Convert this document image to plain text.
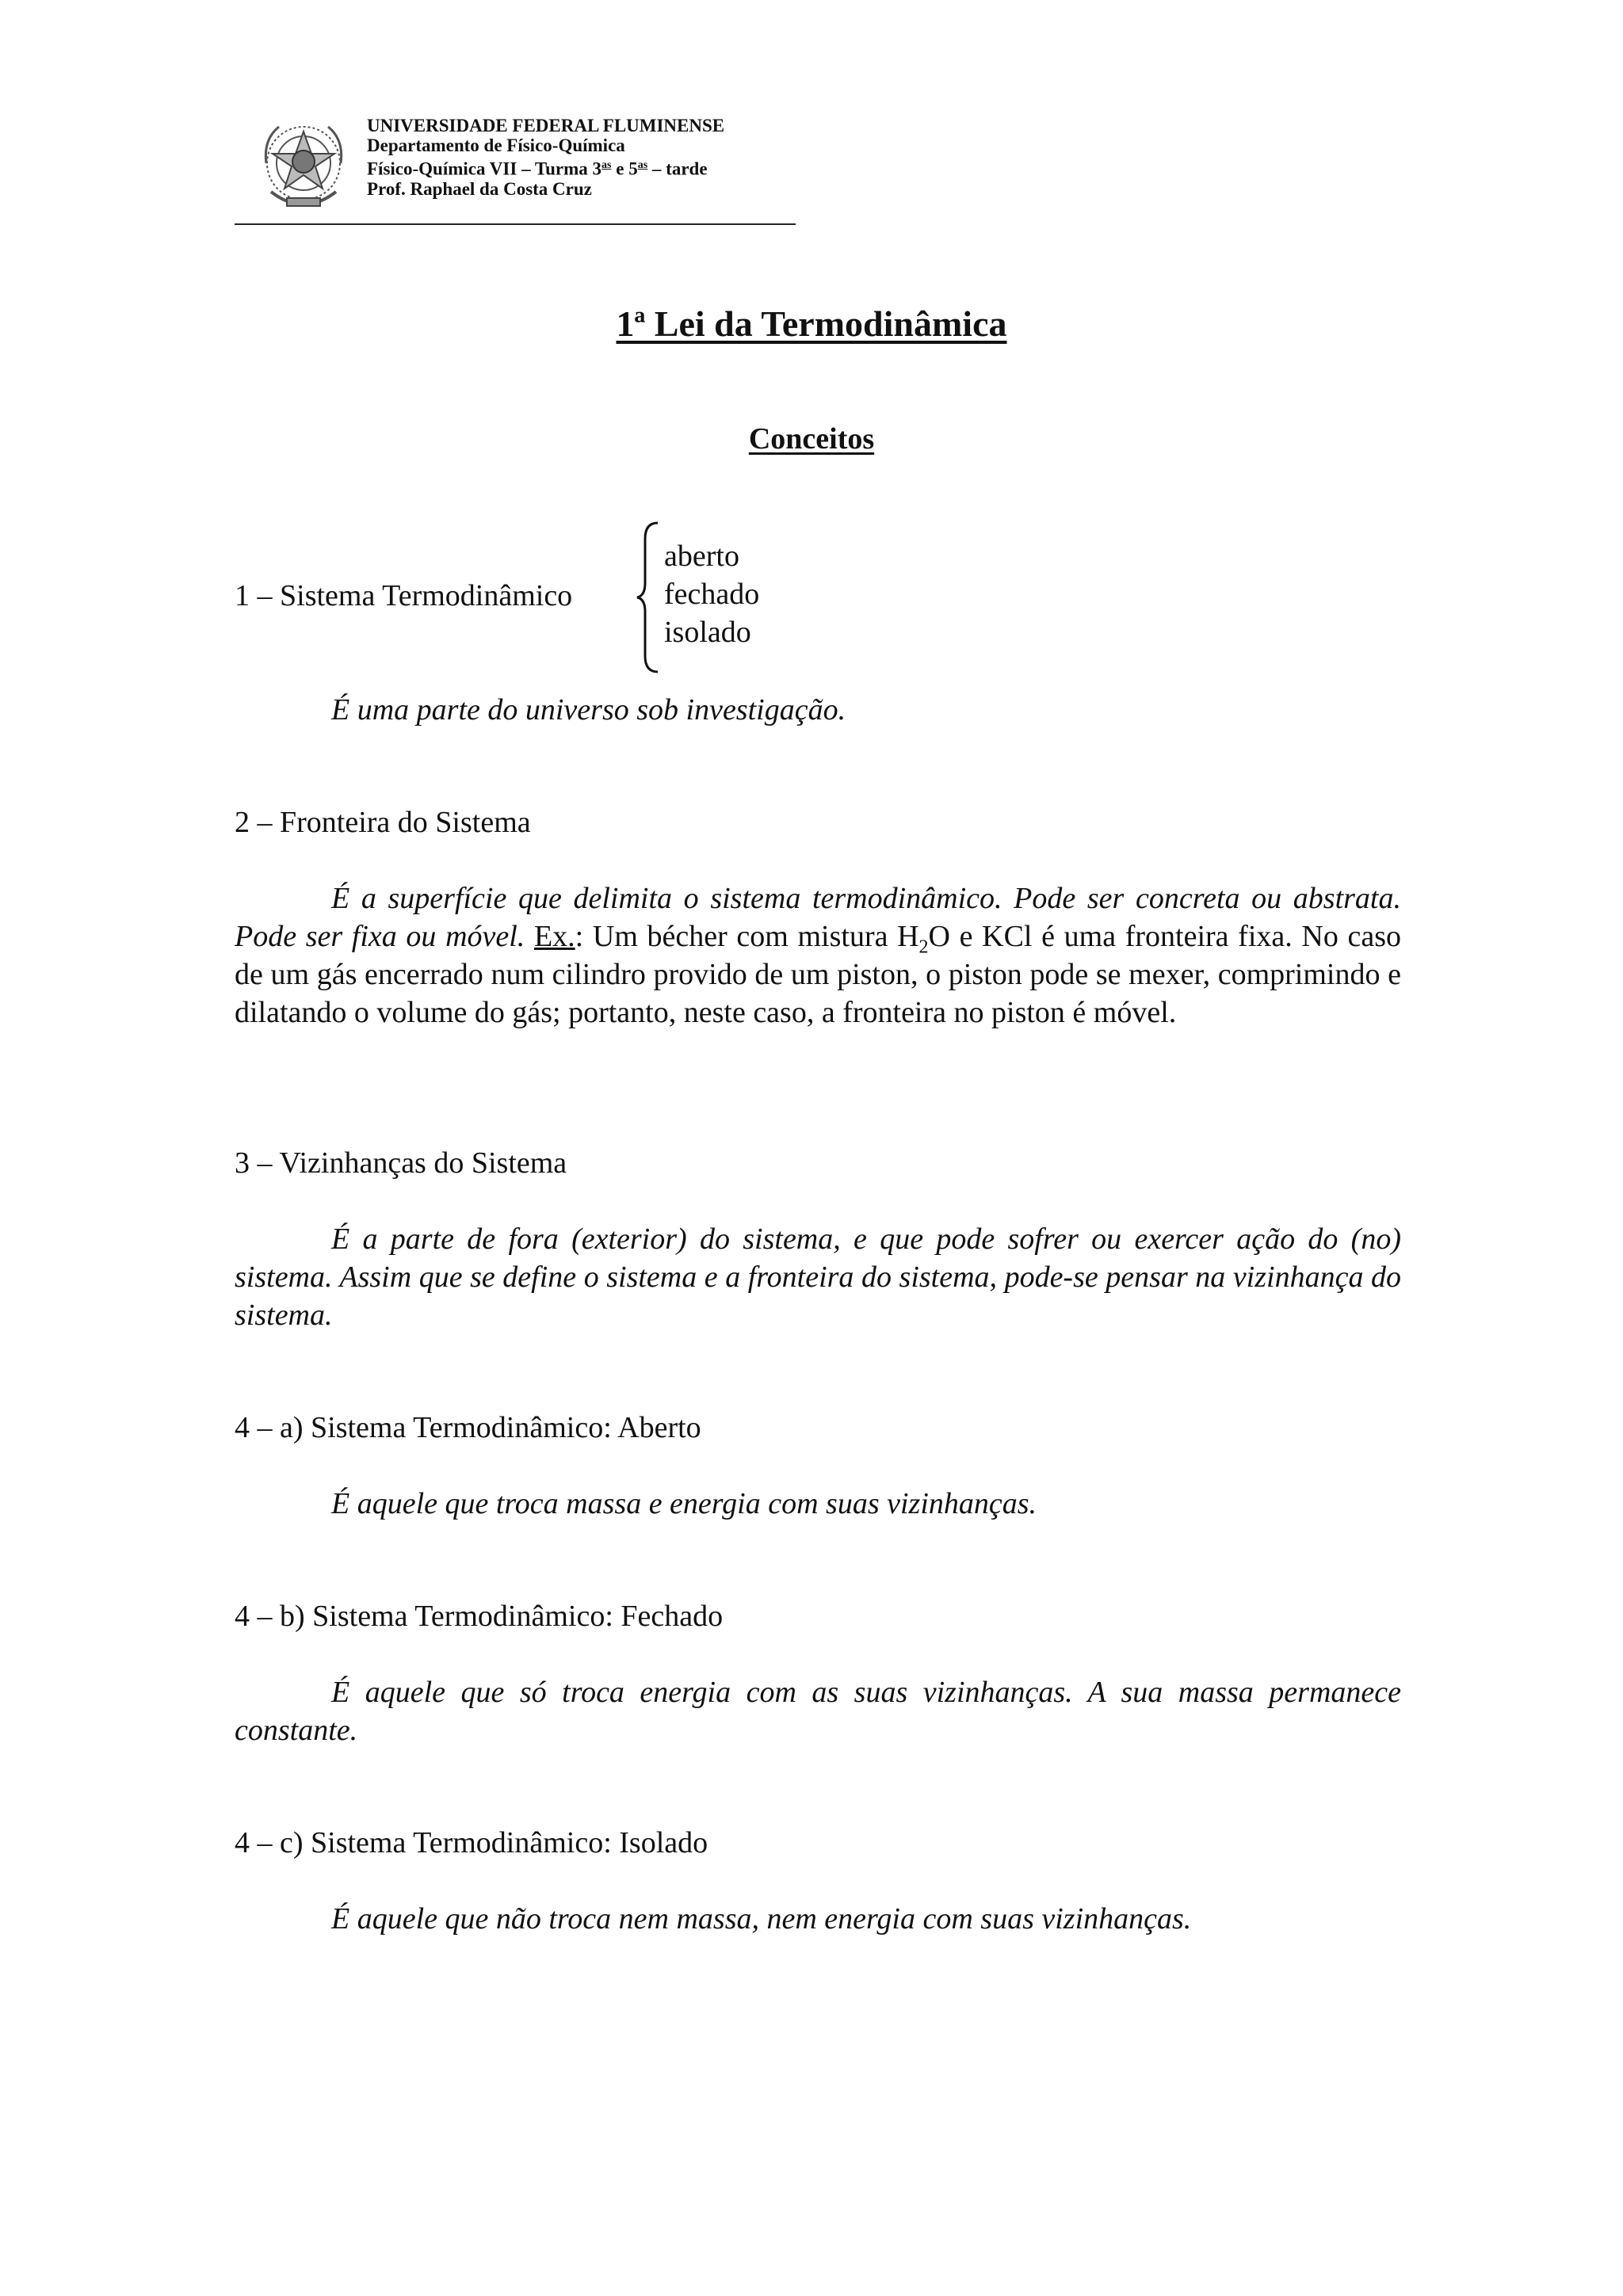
UNIVERSIDADE FEDERAL FLUMINENSE
Departamento de Físico-Química
Físico-Química VII – Turma $3^{as}$ e $5^{as}$ – tarde
Prof. Raphael da Costa Cruz
1ª Lei da Termodinâmica
Conceitos
1 – Sistema Termodinâmico
aberto
fechado
isolado
É uma parte do universo sob investigação.
2 – Fronteira do Sistema
É a superfície que delimita o sistema termodinâmico. Pode ser concreta ou abstrata. Pode ser fixa ou móvel. Ex.: Um bécher com mistura $H_2O$ e KCl é uma fronteira fixa. No caso de um gás encerrado num cilindro provido de um piston, o piston pode se mexer, comprimindo e dilatando o volume do gás; portanto, neste caso, a fronteira no piston é móvel.
3 – Vizinhanças do Sistema
É a parte de fora (exterior) do sistema, e que pode sofrer ou exercer ação do (no) sistema. Assim que se define o sistema e a fronteira do sistema, pode-se pensar na vizinhança do sistema.
4 – a) Sistema Termodinâmico: Aberto
É aquele que troca massa e energia com suas vizinhanças.
4 – b) Sistema Termodinâmico: Fechado
É aquele que só troca energia com as suas vizinhanças. A sua massa permanece constante.
4 – c) Sistema Termodinâmico: Isolado
É aquele que não troca nem massa, nem energia com suas vizinhanças.
